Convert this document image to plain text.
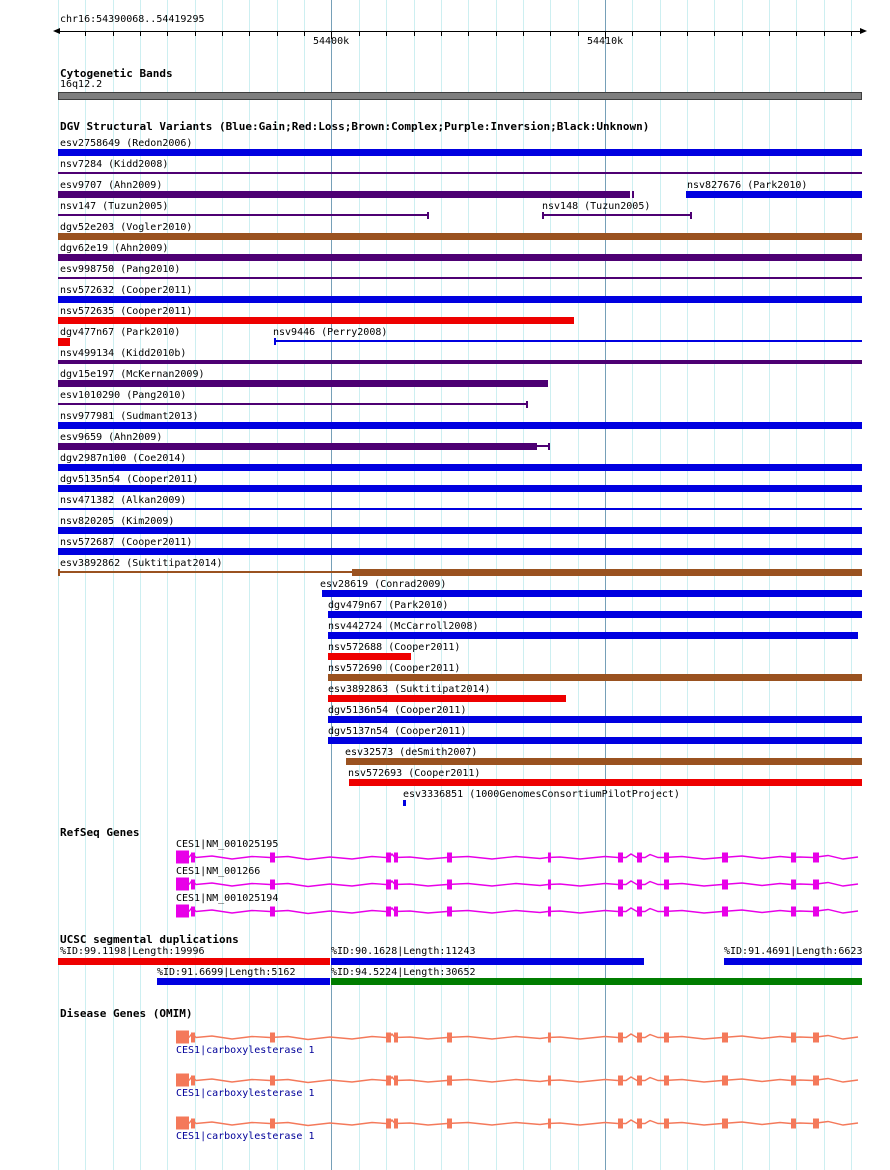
chr16:54390068..54419295
54400k	54410k
Cytogenetic Bands
16q12.2
DGV Structural Variants (Blue:Gain;Red:Loss;Brown:Complex;Purple:Inversion;Black:Unknown)
esv2758649 (Redon2006)
nsv7284 (Kidd2008)
esv9707 (Ahn2009)	nsv827676 (Park2010)
nsv147 (Tuzun2005)	nsv148 (Tuzun2005)
dgv52e203 (Vogler2010)
dgv62e19 (Ahn2009)
esv998750 (Pang2010)
nsv572632 (Cooper2011)
nsv572635 (Cooper2011)
dgv477n67 (Park2010)	nsv9446 (Perry2008)
nsv499134 (Kidd2010b)
dgv15e197 (McKernan2009)
esv1010290 (Pang2010)
nsv977981 (Sudmant2013)
esv9659 (Ahn2009)
dgv2987n100 (Coe2014)
dgv5135n54 (Cooper2011)
nsv471382 (Alkan2009)
nsv820205 (Kim2009)
nsv572687 (Cooper2011)
esv3892862 (Suktitipat2014)
esv28619 (Conrad2009)
dgv479n67 (Park2010)
nsv442724 (McCarroll2008)
nsv572688 (Cooper2011)
nsv572690 (Cooper2011)
esv3892863 (Suktitipat2014)
dgv5136n54 (Cooper2011)
dgv5137n54 (Cooper2011)
esv32573 (deSmith2007)
nsv572693 (Cooper2011)
esv3336851 (1000GenomesConsortiumPilotProject)
RefSeq Genes
CES1|NM_001025195
CES1|NM_001266
CES1|NM_001025194
UCSC segmental duplications
%ID:99.1198|Length:19996	%ID:90.1628|Length:11243	%ID:91.4691|Length:6623
%ID:91.6699|Length:5162	%ID:94.5224|Length:30652
Disease Genes (OMIM)
CES1|carboxylesterase 1
CES1|carboxylesterase 1
CES1|carboxylesterase 1
